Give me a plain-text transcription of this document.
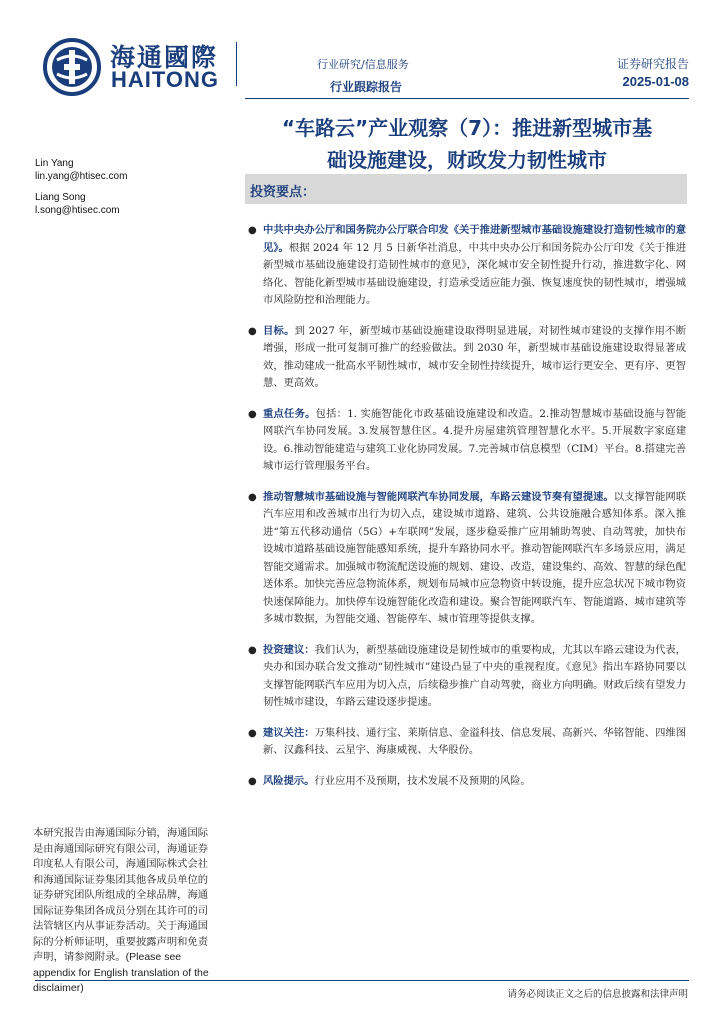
海通國際
HAITONG
行业研究/信息服务
行业跟踪报告
证券研究报告
2025-01-08
“车路云”产业观察（7）：推进新型城市基
础设施建设，财政发力韧性城市
Lin Yang
lin.yang@htisec.com
Liang Song
l.song@htisec.com
投资要点：
● 中共中央办公厅和国务院办公厅联合印发《关于推进新型城市基础设施建设打造韧性城市的意见》。根据 2024 年 12 月 5 日新华社消息，中共中央办公厅和国务院办公厅印发《关于推进新型城市基础设施建设打造韧性城市的意见》，深化城市安全韧性提升行动，推进数字化、网络化、智能化新型城市基础设施建设，打造承受适应能力强、恢复速度快的韧性城市，增强城市风险防控和治理能力。
● 目标。到 2027 年，新型城市基础设施建设取得明显进展，对韧性城市建设的支撑作用不断增强，形成一批可复制可推广的经验做法。到 2030 年，新型城市基础设施建设取得显著成效，推动建成一批高水平韧性城市，城市安全韧性持续提升，城市运行更安全、更有序、更智慧、更高效。
● 重点任务。包括：1. 实施智能化市政基础设施建设和改造。2.推动智慧城市基础设施与智能网联汽车协同发展。3.发展智慧住区。4.提升房屋建筑管理智慧化水平。5.开展数字家庭建设。6.推动智能建造与建筑工业化协同发展。7.完善城市信息模型（CIM）平台。8.搭建完善城市运行管理服务平台。
● 推动智慧城市基础设施与智能网联汽车协同发展，车路云建设节奏有望提速。以支撑智能网联汽车应用和改善城市出行为切入点，建设城市道路、建筑、公共设施融合感知体系。深入推进“第五代移动通信（5G）+车联网”发展，逐步稳妥推广应用辅助驾驶、自动驾驶，加快布设城市道路基础设施智能感知系统，提升车路协同水平。推动智能网联汽车多场景应用，满足智能交通需求。加强城市物流配送设施的规划、建设、改造，建设集约、高效、智慧的绿色配送体系。加快完善应急物流体系，规划布局城市应急物资中转设施，提升应急状况下城市物资快速保障能力。加快停车设施智能化改造和建设。聚合智能网联汽车、智能道路、城市建筑等多城市数据，为智能交通、智能停车、城市管理等提供支撑。
● 投资建议：我们认为，新型基础设施建设是韧性城市的重要构成，尤其以车路云建设为代表，央办和国办联合发文推动“韧性城市”建设凸显了中央的重视程度。《意见》指出车路协同要以支撑智能网联汽车应用为切入点，后续稳步推广自动驾驶，商业方向明确。财政后续有望发力韧性城市建设，车路云建设逐步提速。
● 建议关注：万集科技、通行宝、莱斯信息、金溢科技、信息发展、高新兴、华铭智能、四维图新、汉鑫科技、云星宇、海康威视、大华股份。
● 风险提示。行业应用不及预期，技术发展不及预期的风险。
本研究报告由海通国际分销，海通国际是由海通国际研究有限公司，海通证券印度私人有限公司，海通国际株式会社和海通国际证券集团其他各成员单位的证券研究团队所组成的全球品牌，海通国际证券集团各成员分别在其许可的司法管辖区内从事证券活动。关于海通国际的分析师证明，重要披露声明和免责声明，请参阅附录。(Please see appendix for English translation of the disclaimer)
请务必阅读正文之后的信息披露和法律声明
